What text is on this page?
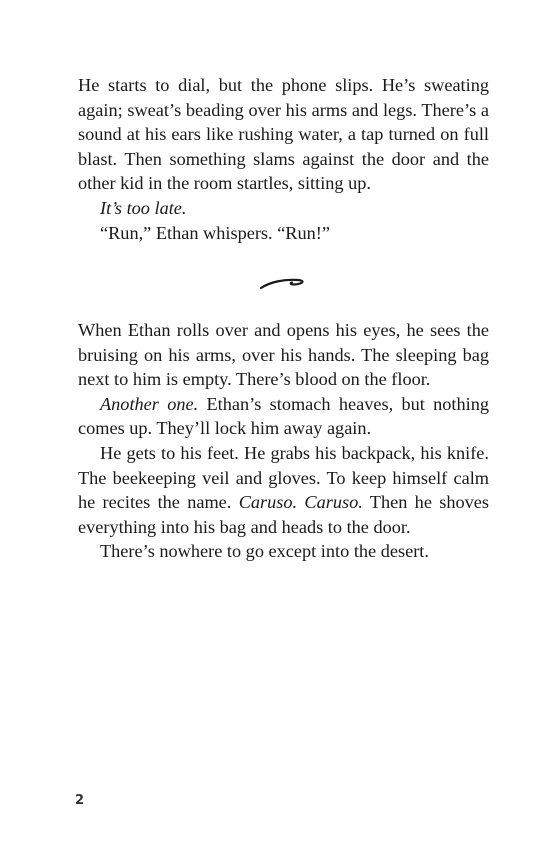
He starts to dial, but the phone slips. He’s sweating again; sweat’s beading over his arms and legs. There’s a sound at his ears like rushing water, a tap turned on full blast. Then something slams against the door and the other kid in the room startles, sitting up.

It’s too late.

“Run,” Ethan whispers. “Run!”

When Ethan rolls over and opens his eyes, he sees the bruising on his arms, over his hands. The sleeping bag next to him is empty. There’s blood on the floor.

Another one. Ethan’s stomach heaves, but nothing comes up. They’ll lock him away again.

He gets to his feet. He grabs his backpack, his knife. The beekeeping veil and gloves. To keep himself calm he recites the name. Caruso. Caruso. Then he shoves everything into his bag and heads to the door.

There’s nowhere to go except into the desert.

2
